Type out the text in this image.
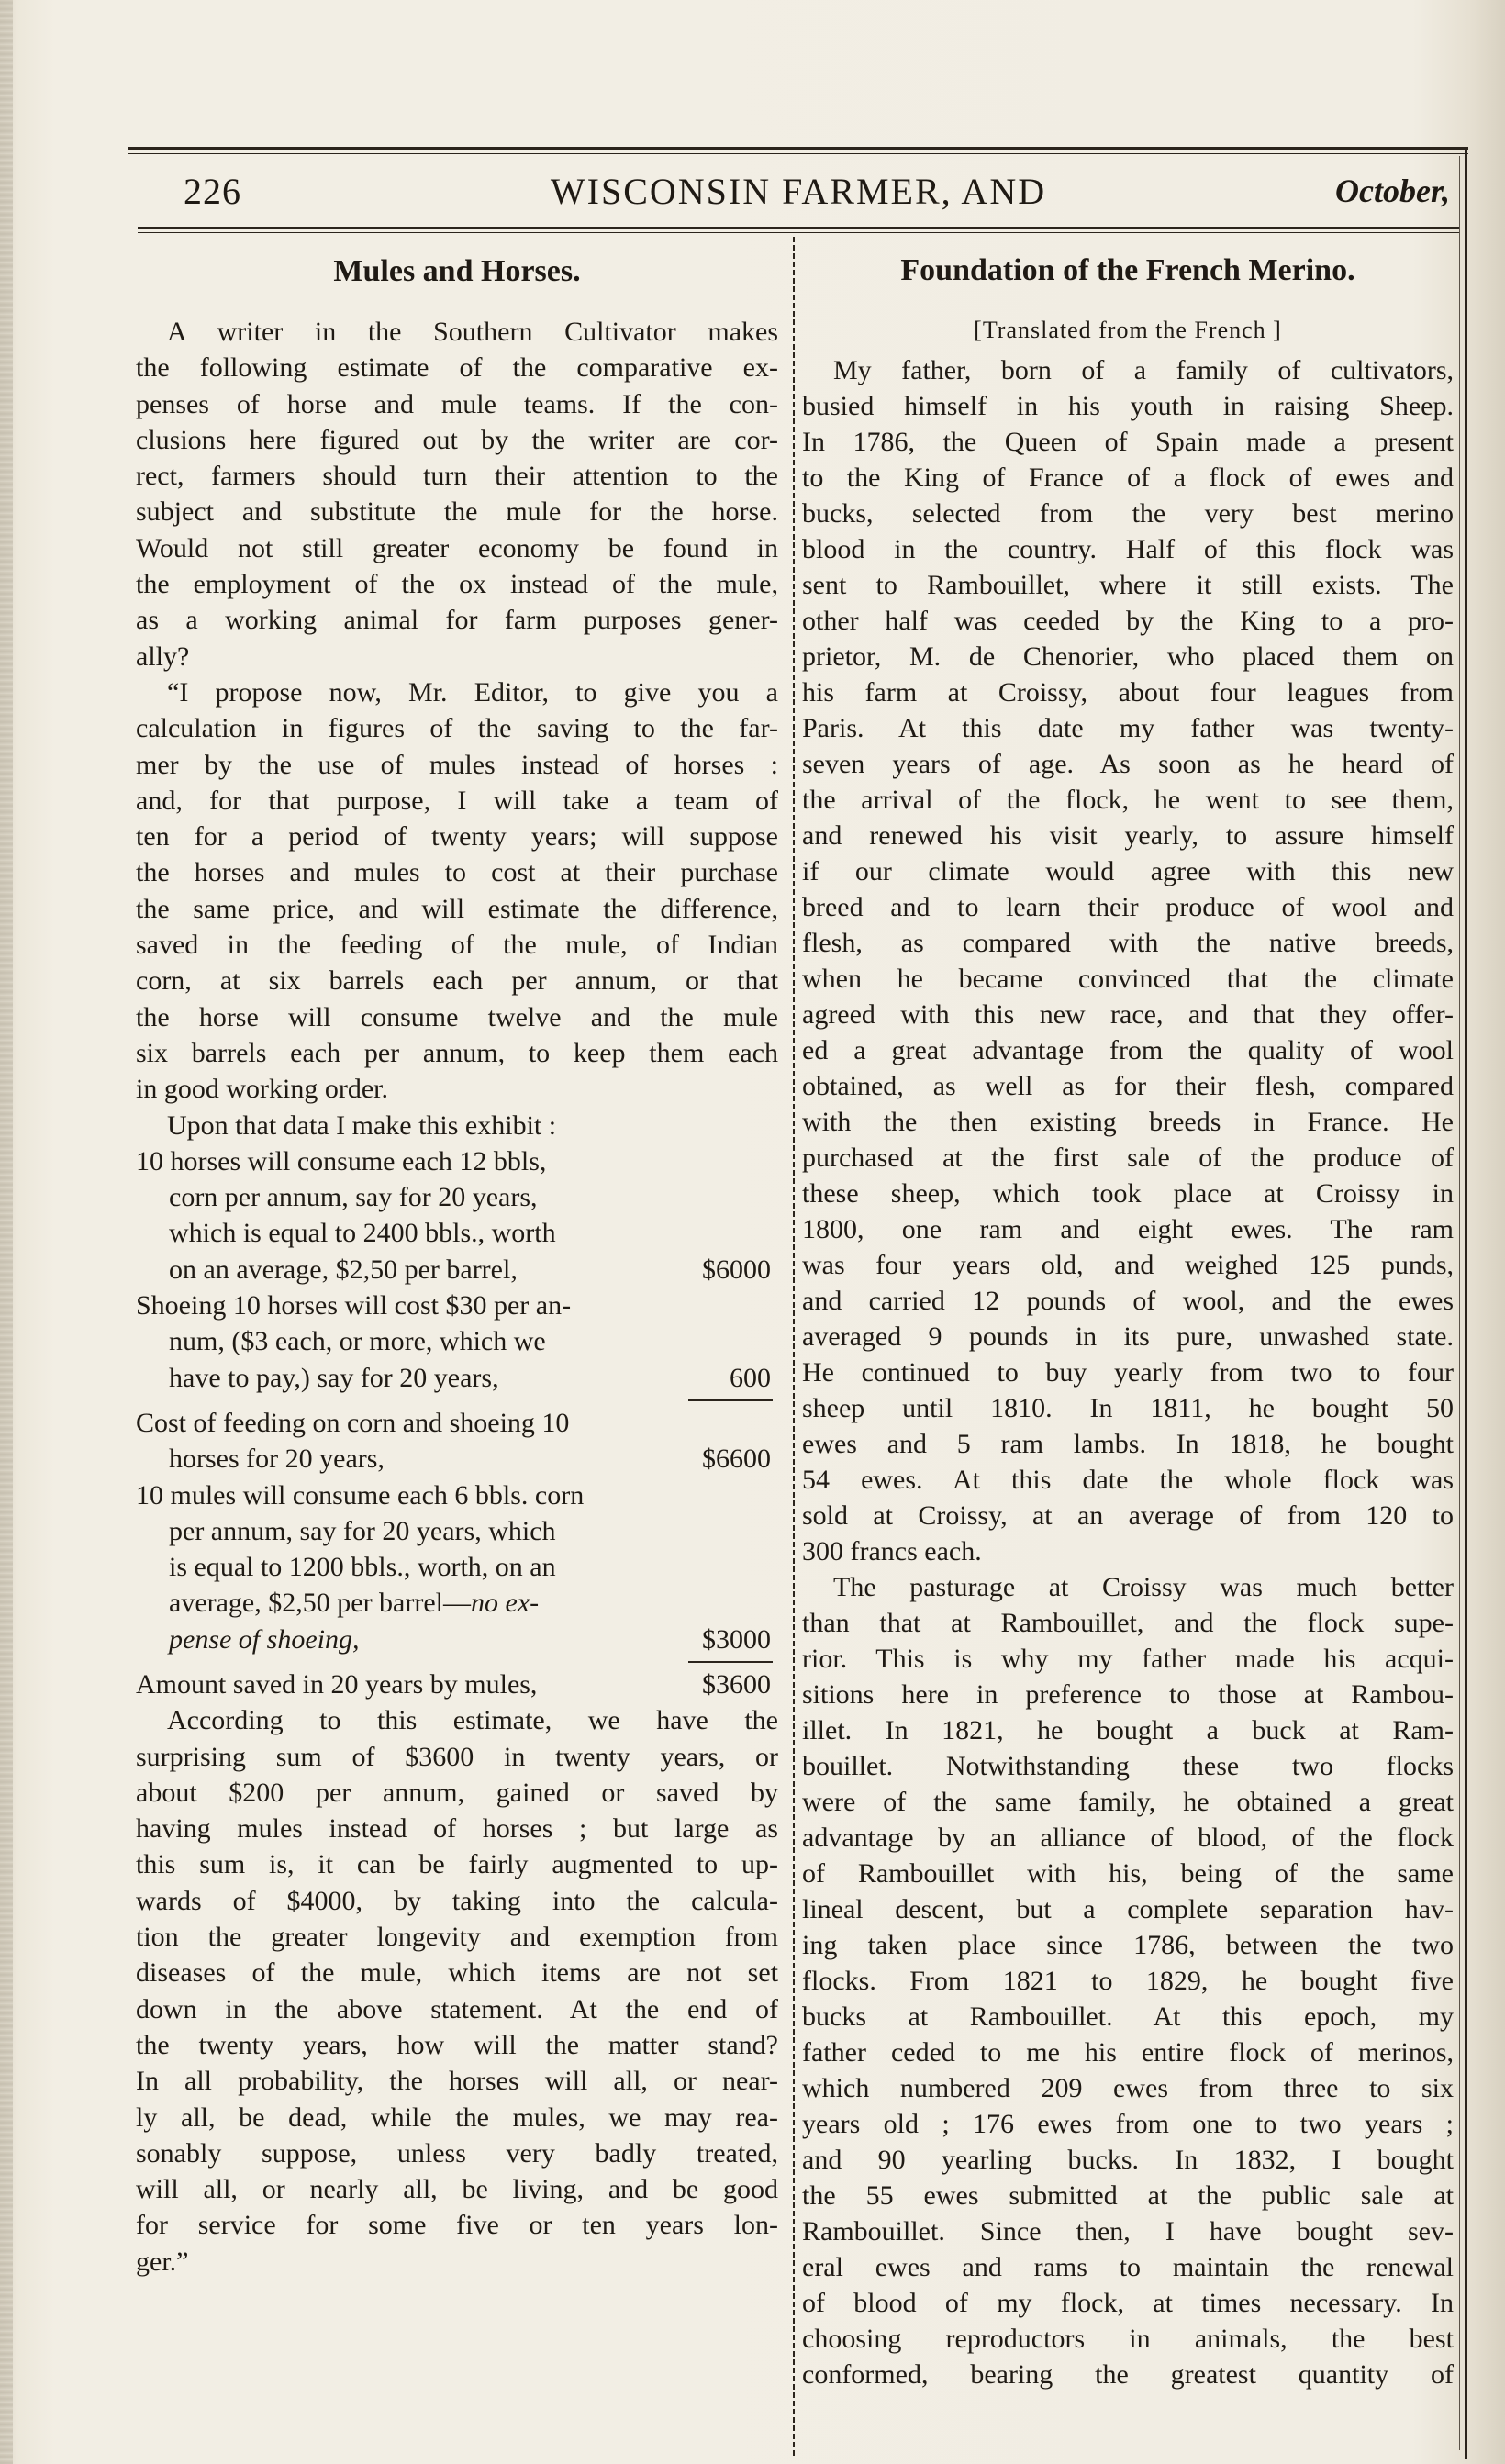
226	WISCONSIN FARMER, AND	October,
Mules and Horses.
A writer in the Southern Cultivator makes
the following estimate of the comparative ex-
penses of horse and mule teams. If the con-
clusions here figured out by the writer are cor-
rect, farmers should turn their attention to the
subject and substitute the mule for the horse.
Would not still greater economy be found in
the employment of the ox instead of the mule,
as a working animal for farm purposes gener-
ally?
“I propose now, Mr. Editor, to give you a
calculation in figures of the saving to the far-
mer by the use of mules instead of horses :
and, for that purpose, I will take a team of
ten for a period of twenty years; will suppose
the horses and mules to cost at their purchase
the same price, and will estimate the difference,
saved in the feeding of the mule, of Indian
corn, at six barrels each per annum, or that
the horse will consume twelve and the mule
six barrels each per annum, to keep them each
in good working order.
Upon that data I make this exhibit :
10 horses will consume each 12 bbls,
corn per annum, say for 20 years,
which is equal to 2400 bbls., worth
on an average, $2,50 per barrel,	$6000
Shoeing 10 horses will cost $30 per an-
num, ($3 each, or more, which we
have to pay,) say for 20 years,	600
Cost of feeding on corn and shoeing 10
horses for 20 years,	$6600
10 mules will consume each 6 bbls. corn
per annum, say for 20 years, which
is equal to 1200 bbls., worth, on an
average, $2,50 per barrel—no ex-
pense of shoeing,	$3000
Amount saved in 20 years by mules,	$3600
According to this estimate, we have the
surprising sum of $3600 in twenty years, or
about $200 per annum, gained or saved by
having mules instead of horses ; but large as
this sum is, it can be fairly augmented to up-
wards of $4000, by taking into the calcula-
tion the greater longevity and exemption from
diseases of the mule, which items are not set
down in the above statement. At the end of
the twenty years, how will the matter stand?
In all probability, the horses will all, or near-
ly all, be dead, while the mules, we may rea-
sonably suppose, unless very badly treated,
will all, or nearly all, be living, and be good
for service for some five or ten years lon-
ger.”
Foundation of the French Merino.
[Translated from the French ]
My father, born of a family of cultivators,
busied himself in his youth in raising Sheep.
In 1786, the Queen of Spain made a present
to the King of France of a flock of ewes and
bucks, selected from the very best merino
blood in the country. Half of this flock was
sent to Rambouillet, where it still exists. The
other half was ceeded by the King to a pro-
prietor, M. de Chenorier, who placed them on
his farm at Croissy, about four leagues from
Paris. At this date my father was twenty-
seven years of age. As soon as he heard of
the arrival of the flock, he went to see them,
and renewed his visit yearly, to assure himself
if our climate would agree with this new
breed and to learn their produce of wool and
flesh, as compared with the native breeds,
when he became convinced that the climate
agreed with this new race, and that they offer-
ed a great advantage from the quality of wool
obtained, as well as for their flesh, compared
with the then existing breeds in France. He
purchased at the first sale of the produce of
these sheep, which took place at Croissy in
1800, one ram and eight ewes. The ram
was four years old, and weighed 125 punds,
and carried 12 pounds of wool, and the ewes
averaged 9 pounds in its pure, unwashed state.
He continued to buy yearly from two to four
sheep until 1810. In 1811, he bought 50
ewes and 5 ram lambs. In 1818, he bought
54 ewes. At this date the whole flock was
sold at Croissy, at an average of from 120 to
300 francs each.
The pasturage at Croissy was much better
than that at Rambouillet, and the flock supe-
rior. This is why my father made his acqui-
sitions here in preference to those at Rambou-
illet. In 1821, he bought a buck at Ram-
bouillet. Notwithstanding these two flocks
were of the same family, he obtained a great
advantage by an alliance of blood, of the flock
of Rambouillet with his, being of the same
lineal descent, but a complete separation hav-
ing taken place since 1786, between the two
flocks. From 1821 to 1829, he bought five
bucks at Rambouillet. At this epoch, my
father ceded to me his entire flock of merinos,
which numbered 209 ewes from three to six
years old ; 176 ewes from one to two years ;
and 90 yearling bucks. In 1832, I bought
the 55 ewes submitted at the public sale at
Rambouillet. Since then, I have bought sev-
eral ewes and rams to maintain the renewal
of blood of my flock, at times necessary. In
choosing reproductors in animals, the best
conformed, bearing the greatest quantity of
